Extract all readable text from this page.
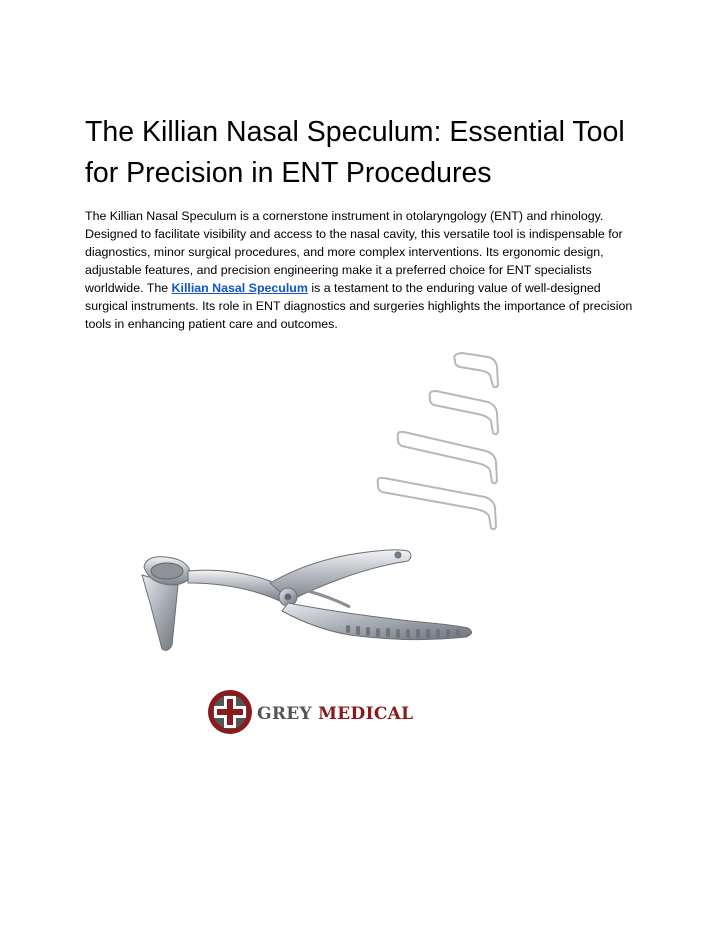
The Killian Nasal Speculum: Essential Tool for Precision in ENT Procedures

The Killian Nasal Speculum is a cornerstone instrument in otolaryngology (ENT) and rhinology. Designed to facilitate visibility and access to the nasal cavity, this versatile tool is indispensable for diagnostics, minor surgical procedures, and more complex interventions. Its ergonomic design, adjustable features, and precision engineering make it a preferred choice for ENT specialists worldwide. The Killian Nasal Speculum is a testament to the enduring value of well-designed surgical instruments. Its role in ENT diagnostics and surgeries highlights the importance of precision tools in enhancing patient care and outcomes.

GREY MEDICAL
